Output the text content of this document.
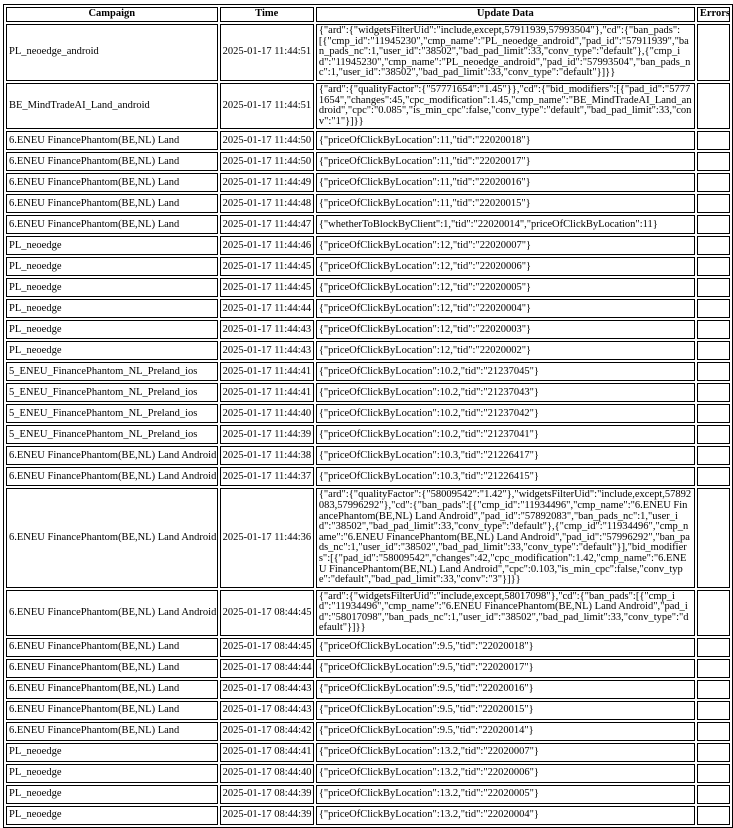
Campaign	Time	Update Data	Errors
PL_neoedge_android	2025-01-17 11:44:51	{"ard":{"widgetsFilterUid":"include,except,57911939,57993504"},"cd":{"ban_pads":[{"cmp_id":"11945230","cmp_name":"PL_neoedge_android","pad_id":"57911939","ban_pads_nc":1,"user_id":"38502","bad_pad_limit":33,"conv_type":"default"},{"cmp_id":"11945230","cmp_name":"PL_neoedge_android","pad_id":"57993504","ban_pads_nc":1,"user_id":"38502","bad_pad_limit":33,"conv_type":"default"}]}}	
BE_MindTradeAI_Land_android	2025-01-17 11:44:51	{"ard":{"qualityFactor":{"57771654":"1.45"}},"cd":{"bid_modifiers":[{"pad_id":"57771654","changes":45,"cpc_modification":1.45,"cmp_name":"BE_MindTradeAI_Land_android","cpc":"0.085","is_min_cpc":false,"conv_type":"default","bad_pad_limit":33,"conv":"1"}]}}	
6.ENEU FinancePhantom(BE,NL) Land	2025-01-17 11:44:50	{"priceOfClickByLocation":11,"tid":"22020018"}	
6.ENEU FinancePhantom(BE,NL) Land	2025-01-17 11:44:50	{"priceOfClickByLocation":11,"tid":"22020017"}	
6.ENEU FinancePhantom(BE,NL) Land	2025-01-17 11:44:49	{"priceOfClickByLocation":11,"tid":"22020016"}	
6.ENEU FinancePhantom(BE,NL) Land	2025-01-17 11:44:48	{"priceOfClickByLocation":11,"tid":"22020015"}	
6.ENEU FinancePhantom(BE,NL) Land	2025-01-17 11:44:47	{"whetherToBlockByClient":1,"tid":"22020014","priceOfClickByLocation":11}	
PL_neoedge	2025-01-17 11:44:46	{"priceOfClickByLocation":12,"tid":"22020007"}	
PL_neoedge	2025-01-17 11:44:45	{"priceOfClickByLocation":12,"tid":"22020006"}	
PL_neoedge	2025-01-17 11:44:45	{"priceOfClickByLocation":12,"tid":"22020005"}	
PL_neoedge	2025-01-17 11:44:44	{"priceOfClickByLocation":12,"tid":"22020004"}	
PL_neoedge	2025-01-17 11:44:43	{"priceOfClickByLocation":12,"tid":"22020003"}	
PL_neoedge	2025-01-17 11:44:43	{"priceOfClickByLocation":12,"tid":"22020002"}	
5_ENEU_FinancePhantom_NL_Preland_ios	2025-01-17 11:44:41	{"priceOfClickByLocation":10.2,"tid":"21237045"}	
5_ENEU_FinancePhantom_NL_Preland_ios	2025-01-17 11:44:41	{"priceOfClickByLocation":10.2,"tid":"21237043"}	
5_ENEU_FinancePhantom_NL_Preland_ios	2025-01-17 11:44:40	{"priceOfClickByLocation":10.2,"tid":"21237042"}	
5_ENEU_FinancePhantom_NL_Preland_ios	2025-01-17 11:44:39	{"priceOfClickByLocation":10.2,"tid":"21237041"}	
6.ENEU FinancePhantom(BE,NL) Land Android	2025-01-17 11:44:38	{"priceOfClickByLocation":10.3,"tid":"21226417"}	
6.ENEU FinancePhantom(BE,NL) Land Android	2025-01-17 11:44:37	{"priceOfClickByLocation":10.3,"tid":"21226415"}	
6.ENEU FinancePhantom(BE,NL) Land Android	2025-01-17 11:44:36	{"ard":{"qualityFactor":{"58009542":"1.42"},"widgetsFilterUid":"include,except,57892083,57996292"},"cd":{"ban_pads":[{"cmp_id":"11934496","cmp_name":"6.ENEU FinancePhantom(BE,NL) Land Android","pad_id":"57892083","ban_pads_nc":1,"user_id":"38502","bad_pad_limit":33,"conv_type":"default"},{"cmp_id":"11934496","cmp_name":"6.ENEU FinancePhantom(BE,NL) Land Android","pad_id":"57996292","ban_pads_nc":1,"user_id":"38502","bad_pad_limit":33,"conv_type":"default"}],"bid_modifiers":[{"pad_id":"58009542","changes":42,"cpc_modification":1.42,"cmp_name":"6.ENEU FinancePhantom(BE,NL) Land Android","cpc":0.103,"is_min_cpc":false,"conv_type":"default","bad_pad_limit":33,"conv":"3"}]}}	
6.ENEU FinancePhantom(BE,NL) Land Android	2025-01-17 08:44:45	{"ard":{"widgetsFilterUid":"include,except,58017098"},"cd":{"ban_pads":[{"cmp_id":"11934496","cmp_name":"6.ENEU FinancePhantom(BE,NL) Land Android","pad_id":"58017098","ban_pads_nc":1,"user_id":"38502","bad_pad_limit":33,"conv_type":"default"}]}}	
6.ENEU FinancePhantom(BE,NL) Land	2025-01-17 08:44:45	{"priceOfClickByLocation":9.5,"tid":"22020018"}	
6.ENEU FinancePhantom(BE,NL) Land	2025-01-17 08:44:44	{"priceOfClickByLocation":9.5,"tid":"22020017"}	
6.ENEU FinancePhantom(BE,NL) Land	2025-01-17 08:44:43	{"priceOfClickByLocation":9.5,"tid":"22020016"}	
6.ENEU FinancePhantom(BE,NL) Land	2025-01-17 08:44:43	{"priceOfClickByLocation":9.5,"tid":"22020015"}	
6.ENEU FinancePhantom(BE,NL) Land	2025-01-17 08:44:42	{"priceOfClickByLocation":9.5,"tid":"22020014"}	
PL_neoedge	2025-01-17 08:44:41	{"priceOfClickByLocation":13.2,"tid":"22020007"}	
PL_neoedge	2025-01-17 08:44:40	{"priceOfClickByLocation":13.2,"tid":"22020006"}	
PL_neoedge	2025-01-17 08:44:39	{"priceOfClickByLocation":13.2,"tid":"22020005"}	
PL_neoedge	2025-01-17 08:44:39	{"priceOfClickByLocation":13.2,"tid":"22020004"}	
